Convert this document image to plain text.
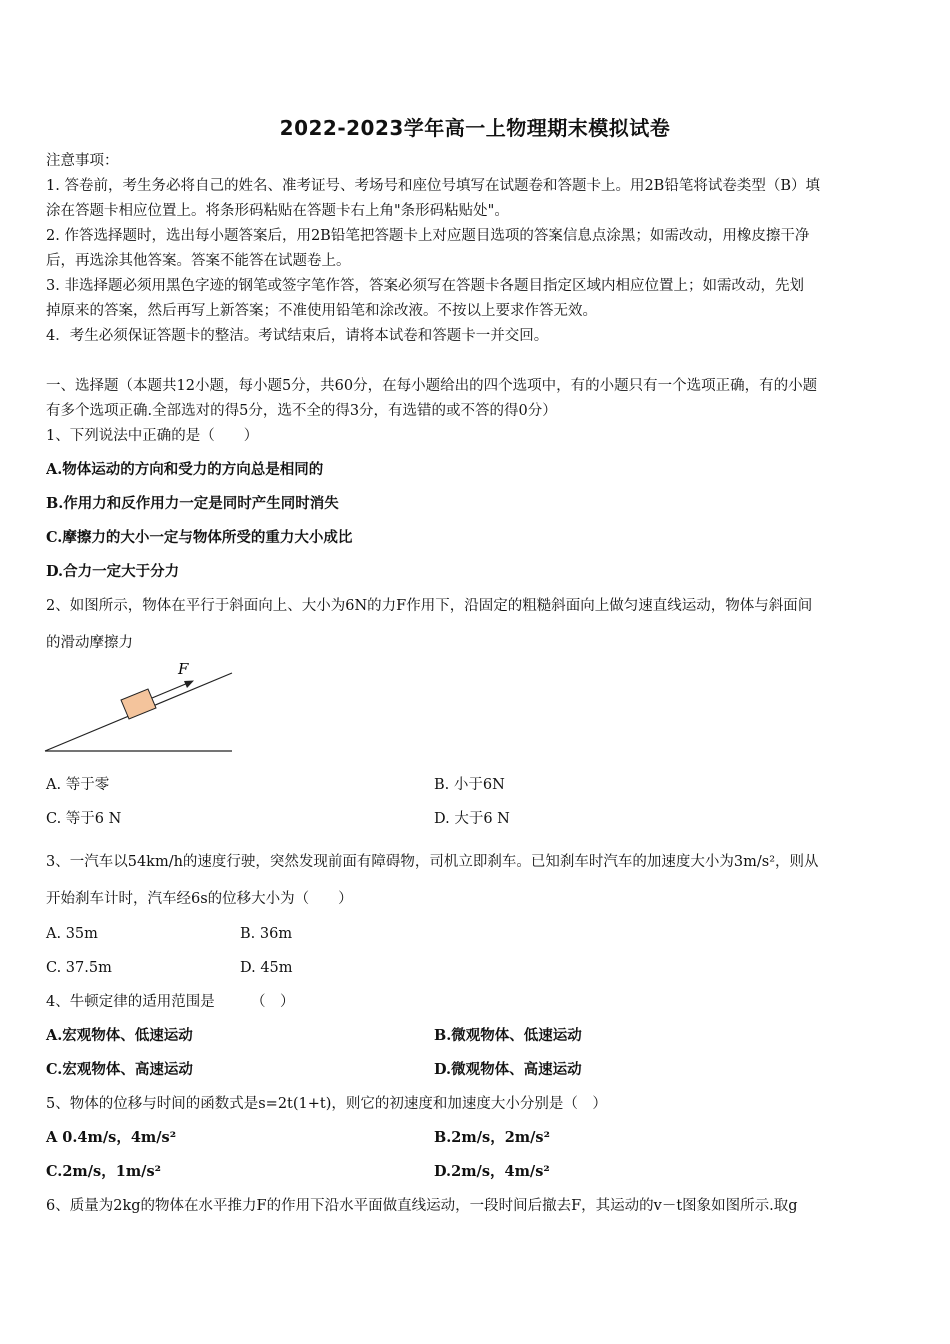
2022-2023学年高一上物理期末模拟试卷
注意事项：
1. 答卷前，考生务必将自己的姓名、准考证号、考场号和座位号填写在试题卷和答题卡上。用2B铅笔将试卷类型（B）填
涂在答题卡相应位置上。将条形码粘贴在答题卡右上角"条形码粘贴处"。
2. 作答选择题时，选出每小题答案后，用2B铅笔把答题卡上对应题目选项的答案信息点涂黑；如需改动，用橡皮擦干净
后，再选涂其他答案。答案不能答在试题卷上。
3. 非选择题必须用黑色字迹的钢笔或签字笔作答，答案必须写在答题卡各题目指定区域内相应位置上；如需改动，先划
掉原来的答案，然后再写上新答案；不准使用铅笔和涂改液。不按以上要求作答无效。
4．考生必须保证答题卡的整洁。考试结束后，请将本试卷和答题卡一并交回。
一、选择题（本题共12小题，每小题5分，共60分，在每小题给出的四个选项中，有的小题只有一个选项正确，有的小题
有多个选项正确.全部选对的得5分，选不全的得3分，有选错的或不答的得0分）
1、下列说法中正确的是（　　）
A.物体运动的方向和受力的方向总是相同的
B.作用力和反作用力一定是同时产生同时消失
C.摩擦力的大小一定与物体所受的重力大小成比
D.合力一定大于分力
2、如图所示，物体在平行于斜面向上、大小为6N的力F作用下，沿固定的粗糙斜面向上做匀速直线运动，物体与斜面间
的滑动摩擦力
F
A. 等于零	B. 小于6N
C. 等于6 N	D. 大于6 N
3、一汽车以54km/h的速度行驶，突然发现前面有障碍物，司机立即刹车。已知刹车时汽车的加速度大小为3m/s²，则从
开始刹车计时，汽车经6s的位移大小为（　　）
A. 35m	B. 36m
C. 37.5m	D. 45m
4、牛顿定律的适用范围是　　　（　）
A.宏观物体、低速运动	B.微观物体、低速运动
C.宏观物体、高速运动	D.微观物体、高速运动
5、物体的位移与时间的函数式是s=2t(1+t)，则它的初速度和加速度大小分别是（　）
A 0.4m/s，4m/s²	B.2m/s，2m/s²
C.2m/s，1m/s²	D.2m/s，4m/s²
6、质量为2kg的物体在水平推力F的作用下沿水平面做直线运动，一段时间后撤去F，其运动的v－t图象如图所示.取g
